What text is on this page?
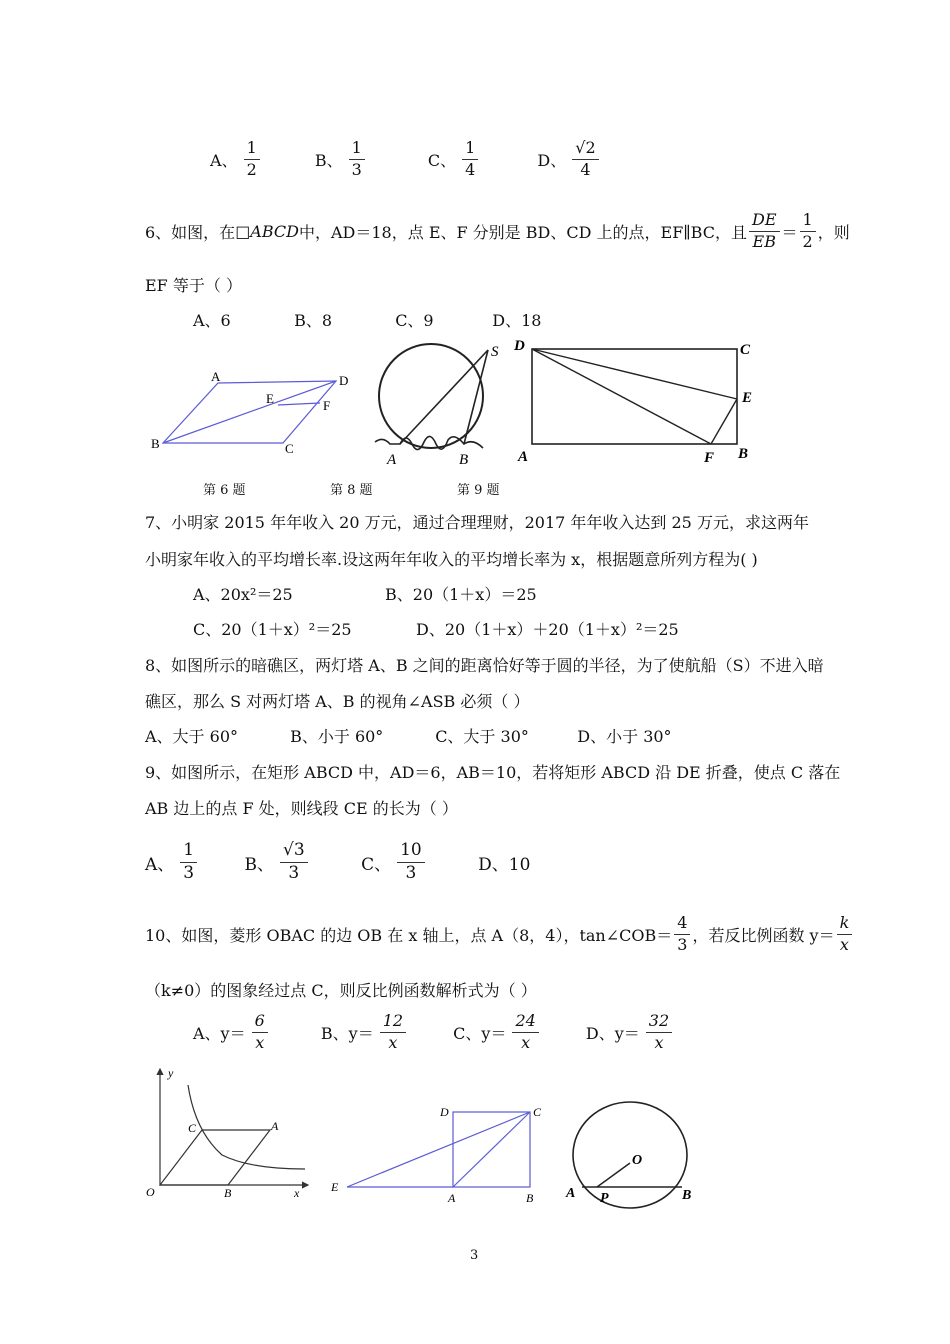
A、 $\frac{1}{2}$
	B、 $\frac{1}{3}$
	C、 $\frac{1}{4}$
	D、 $\frac{√2}{4}$
6、如图，在 □ABCD 中，AD＝18，点 E、F 分别是 BD、CD 上的点，EF∥BC，且 $\frac{DE}{EB} = \frac{1}{2}$ ，则
EF 等于（ ）
A、6	B、8	C、9	D、18
A	D
E	F
B	C
S
A	B
D	C
E
A	F B
第 6 题	第 8 题	第 9 题
7、小明家 2015 年年收入 20 万元，通过合理理财，2017 年年收入达到 25 万元，求这两年
小明家年收入的平均增长率.设这两年年收入的平均增长率为 x，根据题意所列方程为( )
A、20x²＝25	B、20（1＋x）＝25
C、20（1＋x）²＝25	D、20（1＋x）＋20（1＋x）²＝25
8、如图所示的暗礁区，两灯塔 A、B 之间的距离恰好等于圆的半径，为了使航船（S）不进入暗
礁区，那么 S 对两灯塔 A、B 的视角∠ASB 必须（ ）
A、大于 60°	B、小于 60°	C、大于 30°	D、小于 30°
9、如图所示，在矩形 ABCD 中，AD＝6，AB＝10，若将矩形 ABCD 沿 DE 折叠，使点 C 落在
AB 边上的点 F 处，则线段 CE 的长为（ ）
A、 $\frac{1}{3}$
	B、 $\frac{√3}{3}$
	C、 $\frac{10}{3}$	D、10
10、如图，菱形 OBAC 的边 OB 在 x 轴上，点 A（8，4），tan∠COB＝ $\frac{4}{3}$ ，若反比例函数 $y= \frac{k}{x}$
（k≠0）的图象经过点 C，则反比例函数解析式为（ ）
A、$y= \frac{6}{x}$
	B、$y= \frac{12}{x}$
	C、$y= \frac{24}{x}$
	D、$y= \frac{32}{x}$
y
C	A
O	B	x
D	C
E
A	B
O
A P	B
3
